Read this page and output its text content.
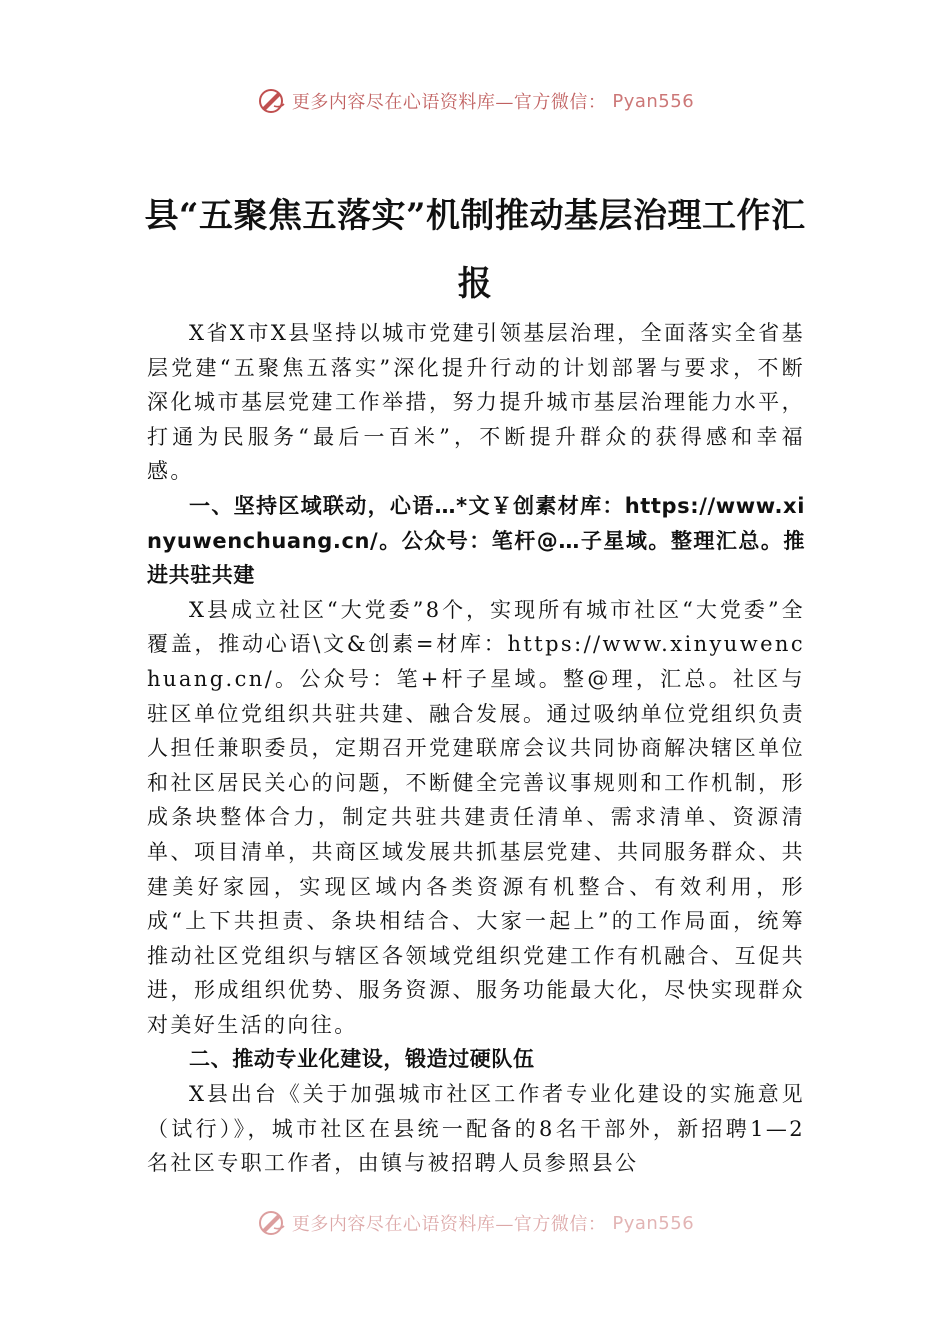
更多内容尽在心语资料库—官方微信： Pyan556
县“五聚焦五落实”机制推动基层治理工作汇报

X省X市X县坚持以城市党建引领基层治理，全面落实全省基层党建“五聚焦五落实”深化提升行动的计划部署与要求，不断深化城市基层党建工作举措，努力提升城市基层治理能力水平，打通为民服务“最后一百米”，不断提升群众的获得感和幸福感。

一、坚持区域联动，心语…*文￥创素材库：https://www.xinyuwenchuang.cn/。公众号：笔杆@…子星域。整理汇总。推进共驻共建

X县成立社区“大党委”8个，实现所有城市社区“大党委”全覆盖，推动心语\文&创素=材库：https://www.xinyuwenchuang.cn/。公众号：笔+杆子星域。整@理，汇总。社区与驻区单位党组织共驻共建、融合发展。通过吸纳单位党组织负责人担任兼职委员，定期召开党建联席会议共同协商解决辖区单位和社区居民关心的问题，不断健全完善议事规则和工作机制，形成条块整体合力，制定共驻共建责任清单、需求清单、资源清单、项目清单，共商区域发展共抓基层党建、共同服务群众、共建美好家园，实现区域内各类资源有机整合、有效利用，形成“上下共担责、条块相结合、大家一起上”的工作局面，统筹推动社区党组织与辖区各领域党组织党建工作有机融合、互促共进，形成组织优势、服务资源、服务功能最大化，尽快实现群众对美好生活的向往。

二、推动专业化建设，锻造过硬队伍

X县出台《关于加强城市社区工作者专业化建设的实施意见（试行）》，城市社区在县统一配备的8名干部外，新招聘1—2名社区专职工作者，由镇与被招聘人员参照县公

更多内容尽在心语资料库—官方微信： Pyan556
